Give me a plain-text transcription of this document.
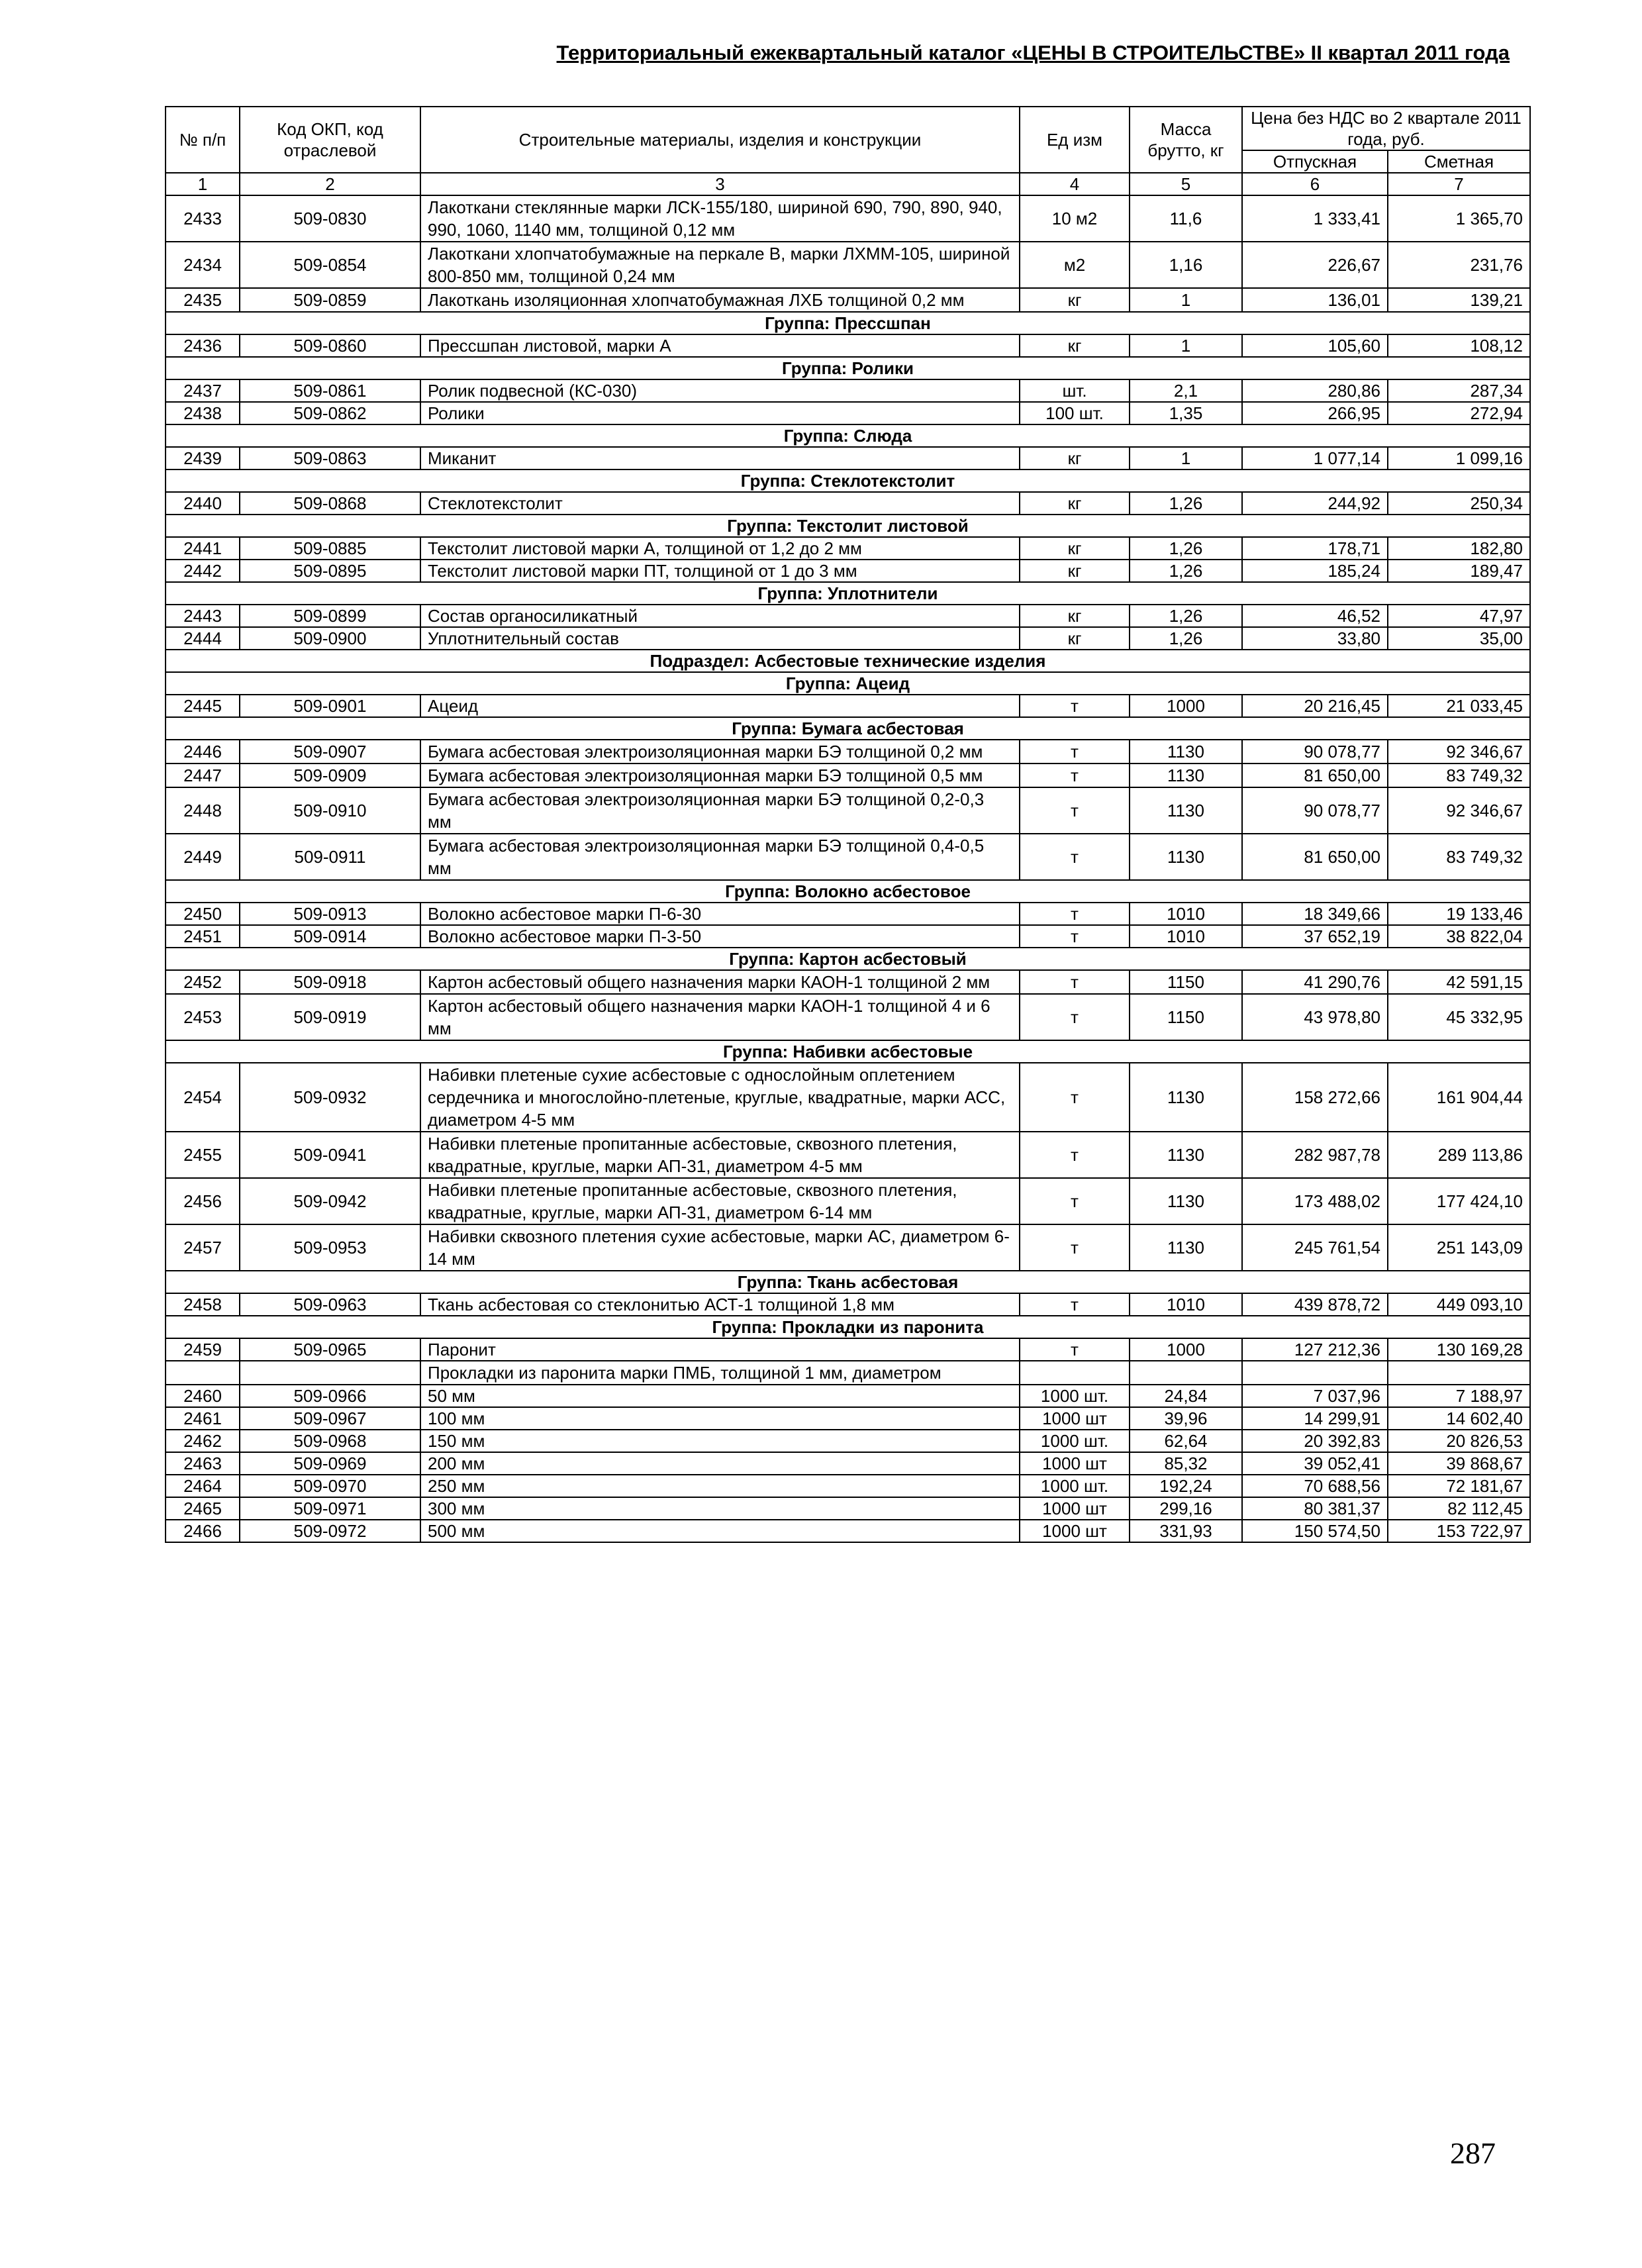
Территориальный ежеквартальный каталог «ЦЕНЫ В СТРОИТЕЛЬСТВЕ» II квартал 2011 года
№ п/п	Код ОКП, код отраслевой	Строительные материалы, изделия и конструкции	Ед изм	Масса брутто, кг	Цена без НДС во 2 квартале 2011 года, руб.	
					Отпускная	Сметная
1	2	3	4	5	6	7
2433	509-0830	Лакоткани стеклянные марки ЛСК-155/180, шириной 690, 790, 890, 940, 990, 1060, 1140 мм, толщиной 0,12 мм	10 м2	11,6	1 333,41	1 365,70
2434	509-0854	Лакоткани хлопчатобумажные на перкале В, марки ЛХММ-105, шириной 800-850 мм, толщиной 0,24 мм	м2	1,16	226,67	231,76
2435	509-0859	Лакоткань изоляционная хлопчатобумажная ЛХБ толщиной 0,2 мм	кг	1	136,01	139,21
Группа: Прессшпан						
2436	509-0860	Прессшпан листовой, марки А	кг	1	105,60	108,12
Группа: Ролики						
2437	509-0861	Ролик подвесной (КС-030)	шт.	2,1	280,86	287,34
2438	509-0862	Ролики	100 шт.	1,35	266,95	272,94
Группа: Слюда						
2439	509-0863	Миканит	кг	1	1 077,14	1 099,16
Группа: Стеклотекстолит						
2440	509-0868	Стеклотекстолит	кг	1,26	244,92	250,34
Группа: Текстолит листовой						
2441	509-0885	Текстолит листовой марки А, толщиной от 1,2 до 2 мм	кг	1,26	178,71	182,80
2442	509-0895	Текстолит листовой марки ПТ, толщиной от 1 до 3 мм	кг	1,26	185,24	189,47
Группа: Уплотнители						
2443	509-0899	Состав органосиликатный	кг	1,26	46,52	47,97
2444	509-0900	Уплотнительный состав	кг	1,26	33,80	35,00
Подраздел: Асбестовые технические изделия						
Группа: Ацеид						
2445	509-0901	Ацеид	т	1000	20 216,45	21 033,45
Группа: Бумага асбестовая						
2446	509-0907	Бумага асбестовая электроизоляционная марки БЭ толщиной 0,2 мм	т	1130	90 078,77	92 346,67
2447	509-0909	Бумага асбестовая электроизоляционная марки БЭ толщиной 0,5 мм	т	1130	81 650,00	83 749,32
2448	509-0910	Бумага асбестовая электроизоляционная марки БЭ толщиной 0,2-0,3 мм	т	1130	90 078,77	92 346,67
2449	509-0911	Бумага асбестовая электроизоляционная марки БЭ толщиной 0,4-0,5 мм	т	1130	81 650,00	83 749,32
Группа: Волокно асбестовое						
2450	509-0913	Волокно асбестовое марки П-6-30	т	1010	18 349,66	19 133,46
2451	509-0914	Волокно асбестовое марки П-3-50	т	1010	37 652,19	38 822,04
Группа: Картон асбестовый						
2452	509-0918	Картон асбестовый общего назначения марки КАОН-1 толщиной 2 мм	т	1150	41 290,76	42 591,15
2453	509-0919	Картон асбестовый общего назначения марки КАОН-1 толщиной 4 и 6 мм	т	1150	43 978,80	45 332,95
Группа: Набивки асбестовые						
2454	509-0932	Набивки плетеные сухие асбестовые с однослойным оплетением сердечника и многослойно-плетеные, круглые, квадратные, марки АСС, диаметром 4-5 мм	т	1130	158 272,66	161 904,44
2455	509-0941	Набивки плетеные пропитанные асбестовые, сквозного плетения, квадратные, круглые, марки АП-31, диаметром 4-5 мм	т	1130	282 987,78	289 113,86
2456	509-0942	Набивки плетеные пропитанные асбестовые, сквозного плетения, квадратные, круглые, марки АП-31, диаметром 6-14 мм	т	1130	173 488,02	177 424,10
2457	509-0953	Набивки сквозного плетения сухие асбестовые, марки АС, диаметром 6-14 мм	т	1130	245 761,54	251 143,09
Группа: Ткань асбестовая						
2458	509-0963	Ткань асбестовая со стеклонитью АСТ-1 толщиной 1,8 мм	т	1010	439 878,72	449 093,10
Группа: Прокладки из паронита						
2459	509-0965	Паронит	т	1000	127 212,36	130 169,28
		Прокладки из паронита марки ПМБ, толщиной 1 мм, диаметром				
2460	509-0966	50 мм	1000 шт.	24,84	7 037,96	7 188,97
2461	509-0967	100 мм	1000 шт	39,96	14 299,91	14 602,40
2462	509-0968	150 мм	1000 шт.	62,64	20 392,83	20 826,53
2463	509-0969	200 мм	1000 шт	85,32	39 052,41	39 868,67
2464	509-0970	250 мм	1000 шт.	192,24	70 688,56	72 181,67
2465	509-0971	300 мм	1000 шт	299,16	80 381,37	82 112,45
2466	509-0972	500 мм	1000 шт	331,93	150 574,50	153 722,97
287
